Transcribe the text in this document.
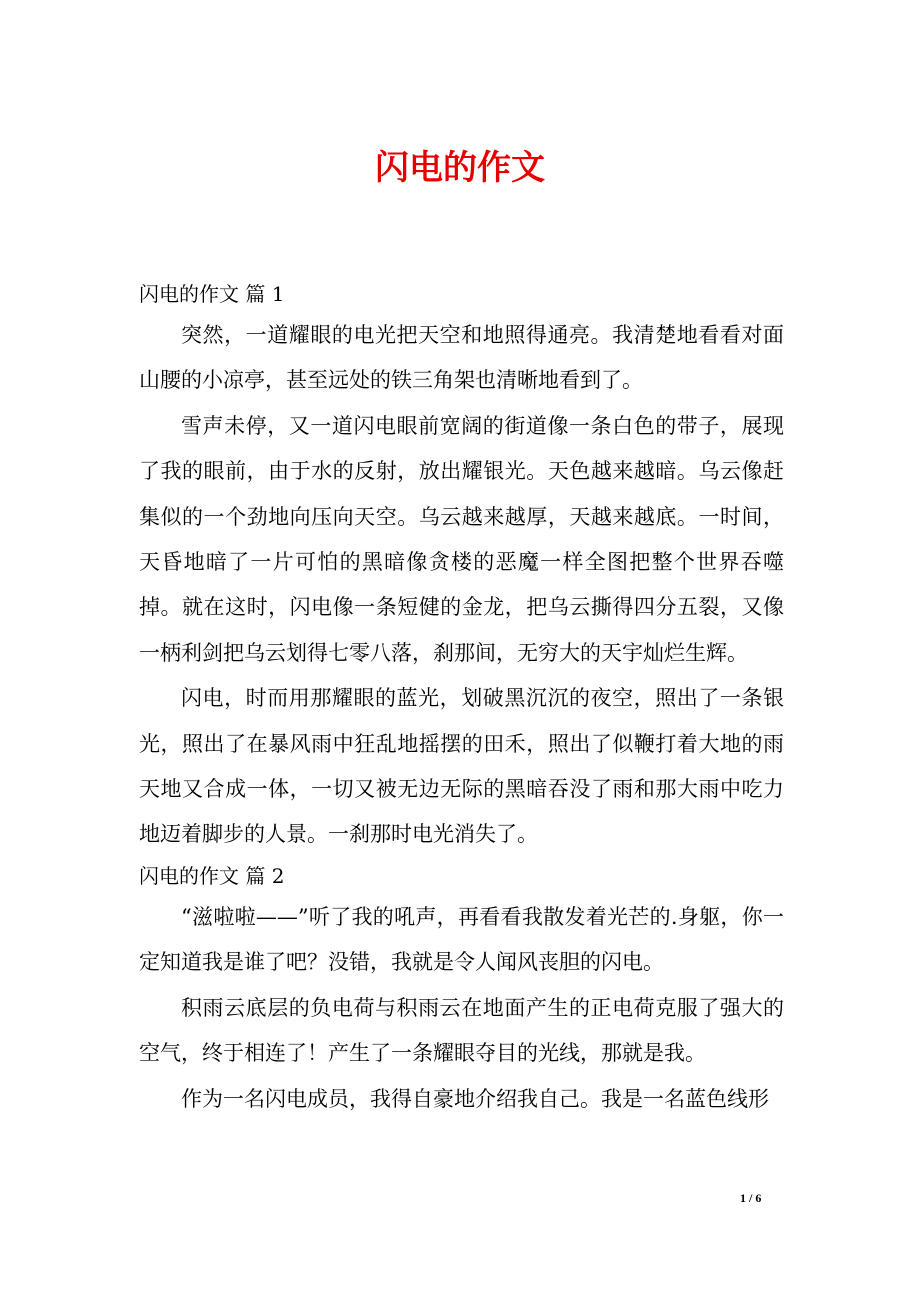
闪电的作文

闪电的作文 篇 1

突然，一道耀眼的电光把天空和地照得通亮。我清楚地看看对面山腰的小凉亭，甚至远处的铁三角架也清晰地看到了。

雪声未停，又一道闪电眼前宽阔的街道像一条白色的带子，展现了我的眼前，由于水的反射，放出耀银光。天色越来越暗。乌云像赶集似的一个劲地向压向天空。乌云越来越厚，天越来越底。一时间，天昏地暗了一片可怕的黑暗像贪楼的恶魔一样全图把整个世界吞噬掉。就在这时，闪电像一条短健的金龙，把乌云撕得四分五裂，又像一柄利剑把乌云划得七零八落，刹那间，无穷大的天宇灿烂生辉。

闪电，时而用那耀眼的蓝光，划破黑沉沉的夜空，照出了一条银光，照出了在暴风雨中狂乱地摇摆的田禾，照出了似鞭打着大地的雨天地又合成一体，一切又被无边无际的黑暗吞没了雨和那大雨中吃力地迈着脚步的人景。一刹那时电光消失了。

闪电的作文 篇 2

“滋啦啦——”听了我的吼声，再看看我散发着光芒的.身躯，你一定知道我是谁了吧？没错，我就是令人闻风丧胆的闪电。

积雨云底层的负电荷与积雨云在地面产生的正电荷克服了强大的空气，终于相连了！产生了一条耀眼夺目的光线，那就是我。

作为一名闪电成员，我得自豪地介绍我自己。我是一名蓝色线形

1 / 6
